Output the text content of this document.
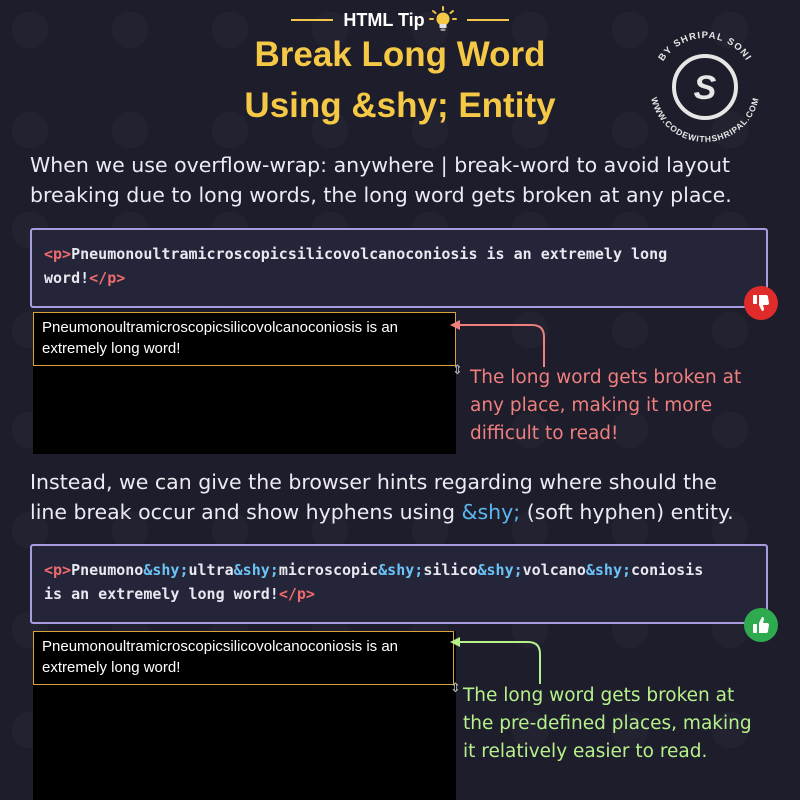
HTML Tip
Break Long Word
Using &shy; Entity
BY SHRIPAL SONI
WWW.CODEWITHSHRIPAL.COM
S
When we use overflow-wrap: anywhere | break-word to avoid layout
breaking due to long words, the long word gets broken at any place.
<p>Pneumonoultramicroscopicsilicovolcanoconiosis is an extremely long
word!</p>
Pneumonoultramicroscopicsilicovolcanoconiosis is an
extremely long word!
⇕ The long word gets broken at
any place, making it more
difficult to read!
Instead, we can give the browser hints regarding where should the
line break occur and show hyphens using &shy; (soft hyphen) entity.
<p>Pneumono&shy;ultra&shy;microscopic&shy;silico&shy;volcano&shy;coniosis
is an extremely long word!</p>
Pneumonoultramicroscopicsilicovolcanoconiosis is an
extremely long word!
⇕ The long word gets broken at
the pre-defined places, making
it relatively easier to read.
